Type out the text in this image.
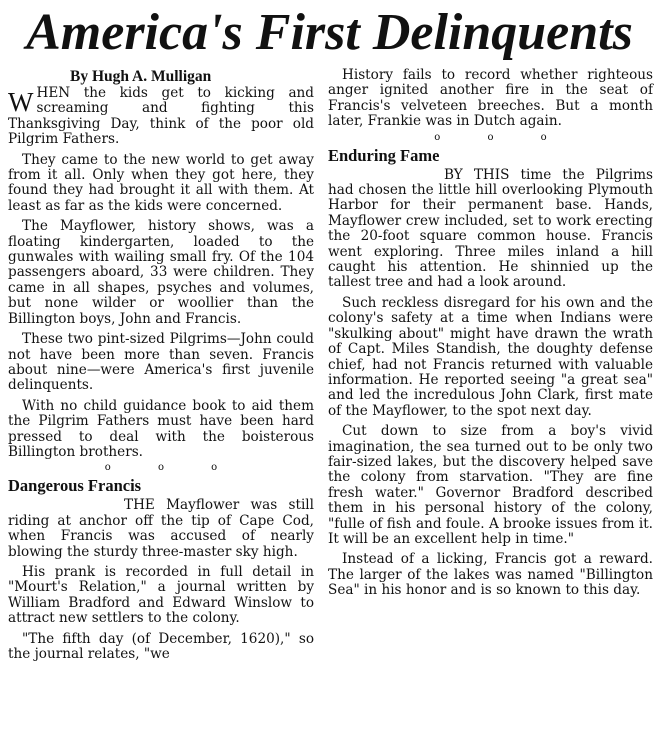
America's First Delinquents
By Hugh A. Mulligan

WHEN the kids get to kicking and screaming and fighting this Thanksgiving Day, think of the poor old Pilgrim Fathers.

They came to the new world to get away from it all. Only when they got here, they found they had brought it all with them. At least as far as the kids were concerned.

The Mayflower, history shows, was a floating kindergarten, loaded to the gunwales with wailing small fry. Of the 104 passengers aboard, 33 were children. They came in all shapes, psyches and volumes, but none wilder or woollier than the Billington boys, John and Francis.

These two pint-sized Pilgrims—John could not have been more than seven. Francis about nine—were America's first juvenile delinquents.

With no child guidance book to aid them the Pilgrim Fathers must have been hard pressed to deal with the boisterous Billington brothers.

o o o
Dangerous Francis

THE Mayflower was still riding at anchor off the tip of Cape Cod, when Francis was accused of nearly blowing the sturdy three-master sky high.

His prank is recorded in full detail in "Mourt's Relation," a journal written by William Bradford and Edward Winslow to attract new settlers to the colony.

"The fifth day (of December, 1620)," so the journal relates, "we

History fails to record whether righteous anger ignited another fire in the seat of Francis's velveteen breeches. But a month later, Frankie was in Dutch again.

o o o
Enduring Fame

BY THIS time the Pilgrims had chosen the little hill overlooking Plymouth Harbor for their permanent base. Hands, Mayflower crew included, set to work erecting the 20-foot square common house. Francis went exploring. Three miles inland a hill caught his attention. He shinnied up the tallest tree and had a look around.

Such reckless disregard for his own and the colony's safety at a time when Indians were "skulking about" might have drawn the wrath of Capt. Miles Standish, the doughty defense chief, had not Francis returned with valuable information. He reported seeing "a great sea" and led the incredulous John Clark, first mate of the Mayflower, to the spot next day.

Cut down to size from a boy's vivid imagination, the sea turned out to be only two fair-sized lakes, but the discovery helped save the colony from starvation. "They are fine fresh water." Governor Bradford described them in his personal history of the colony, "fulle of fish and foule. A brooke issues from it. It will be an excellent help in time."

Instead of a licking, Francis got a reward. The larger of the lakes was named "Billington Sea" in his honor and is so known to this day.
